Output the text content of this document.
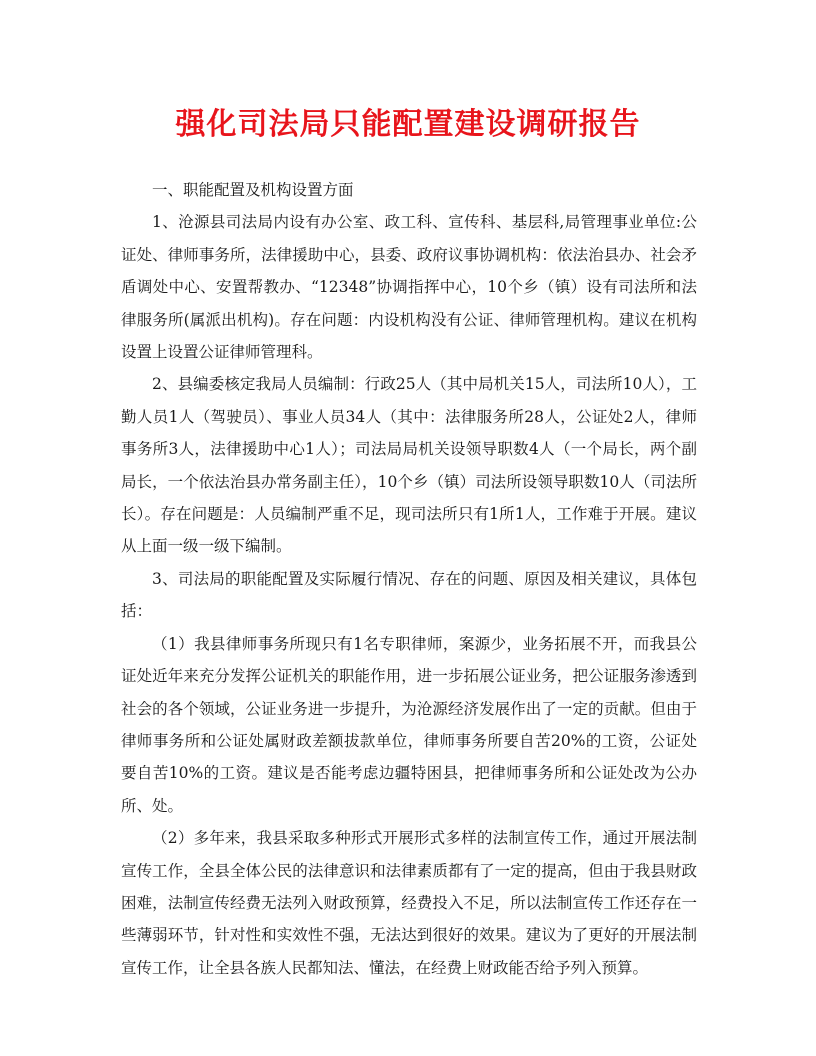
强化司法局只能配置建设调研报告

一、职能配置及机构设置方面

1、沧源县司法局内设有办公室、政工科、宣传科、基层科,局管理事业单位:公证处、律师事务所，法律援助中心，县委、政府议事协调机构：依法治县办、社会矛盾调处中心、安置帮教办、“12348”协调指挥中心，10个乡（镇）设有司法所和法律服务所(属派出机构)。存在问题：内设机构没有公证、律师管理机构。建议在机构设置上设置公证律师管理科。

2、县编委核定我局人员编制：行政25人（其中局机关15人，司法所10人），工勤人员1人（驾驶员）、事业人员34人（其中：法律服务所28人，公证处2人，律师事务所3人，法律援助中心1人）；司法局局机关设领导职数4人（一个局长，两个副局长，一个依法治县办常务副主任），10个乡（镇）司法所设领导职数10人（司法所长）。存在问题是：人员编制严重不足，现司法所只有1所1人，工作难于开展。建议从上面一级一级下编制。

3、司法局的职能配置及实际履行情况、存在的问题、原因及相关建议，具体包括：

（1）我县律师事务所现只有1名专职律师，案源少，业务拓展不开，而我县公证处近年来充分发挥公证机关的职能作用，进一步拓展公证业务，把公证服务渗透到社会的各个领域，公证业务进一步提升，为沧源经济发展作出了一定的贡献。但由于律师事务所和公证处属财政差额拔款单位，律师事务所要自苦20%的工资，公证处要自苦10%的工资。建议是否能考虑边疆特困县，把律师事务所和公证处改为公办所、处。

（2）多年来，我县采取多种形式开展形式多样的法制宣传工作，通过开展法制宣传工作，全县全体公民的法律意识和法律素质都有了一定的提高，但由于我县财政困难，法制宣传经费无法列入财政预算，经费投入不足，所以法制宣传工作还存在一些薄弱环节，针对性和实效性不强，无法达到很好的效果。建议为了更好的开展法制宣传工作，让全县各族人民都知法、懂法，在经费上财政能否给予列入预算。
